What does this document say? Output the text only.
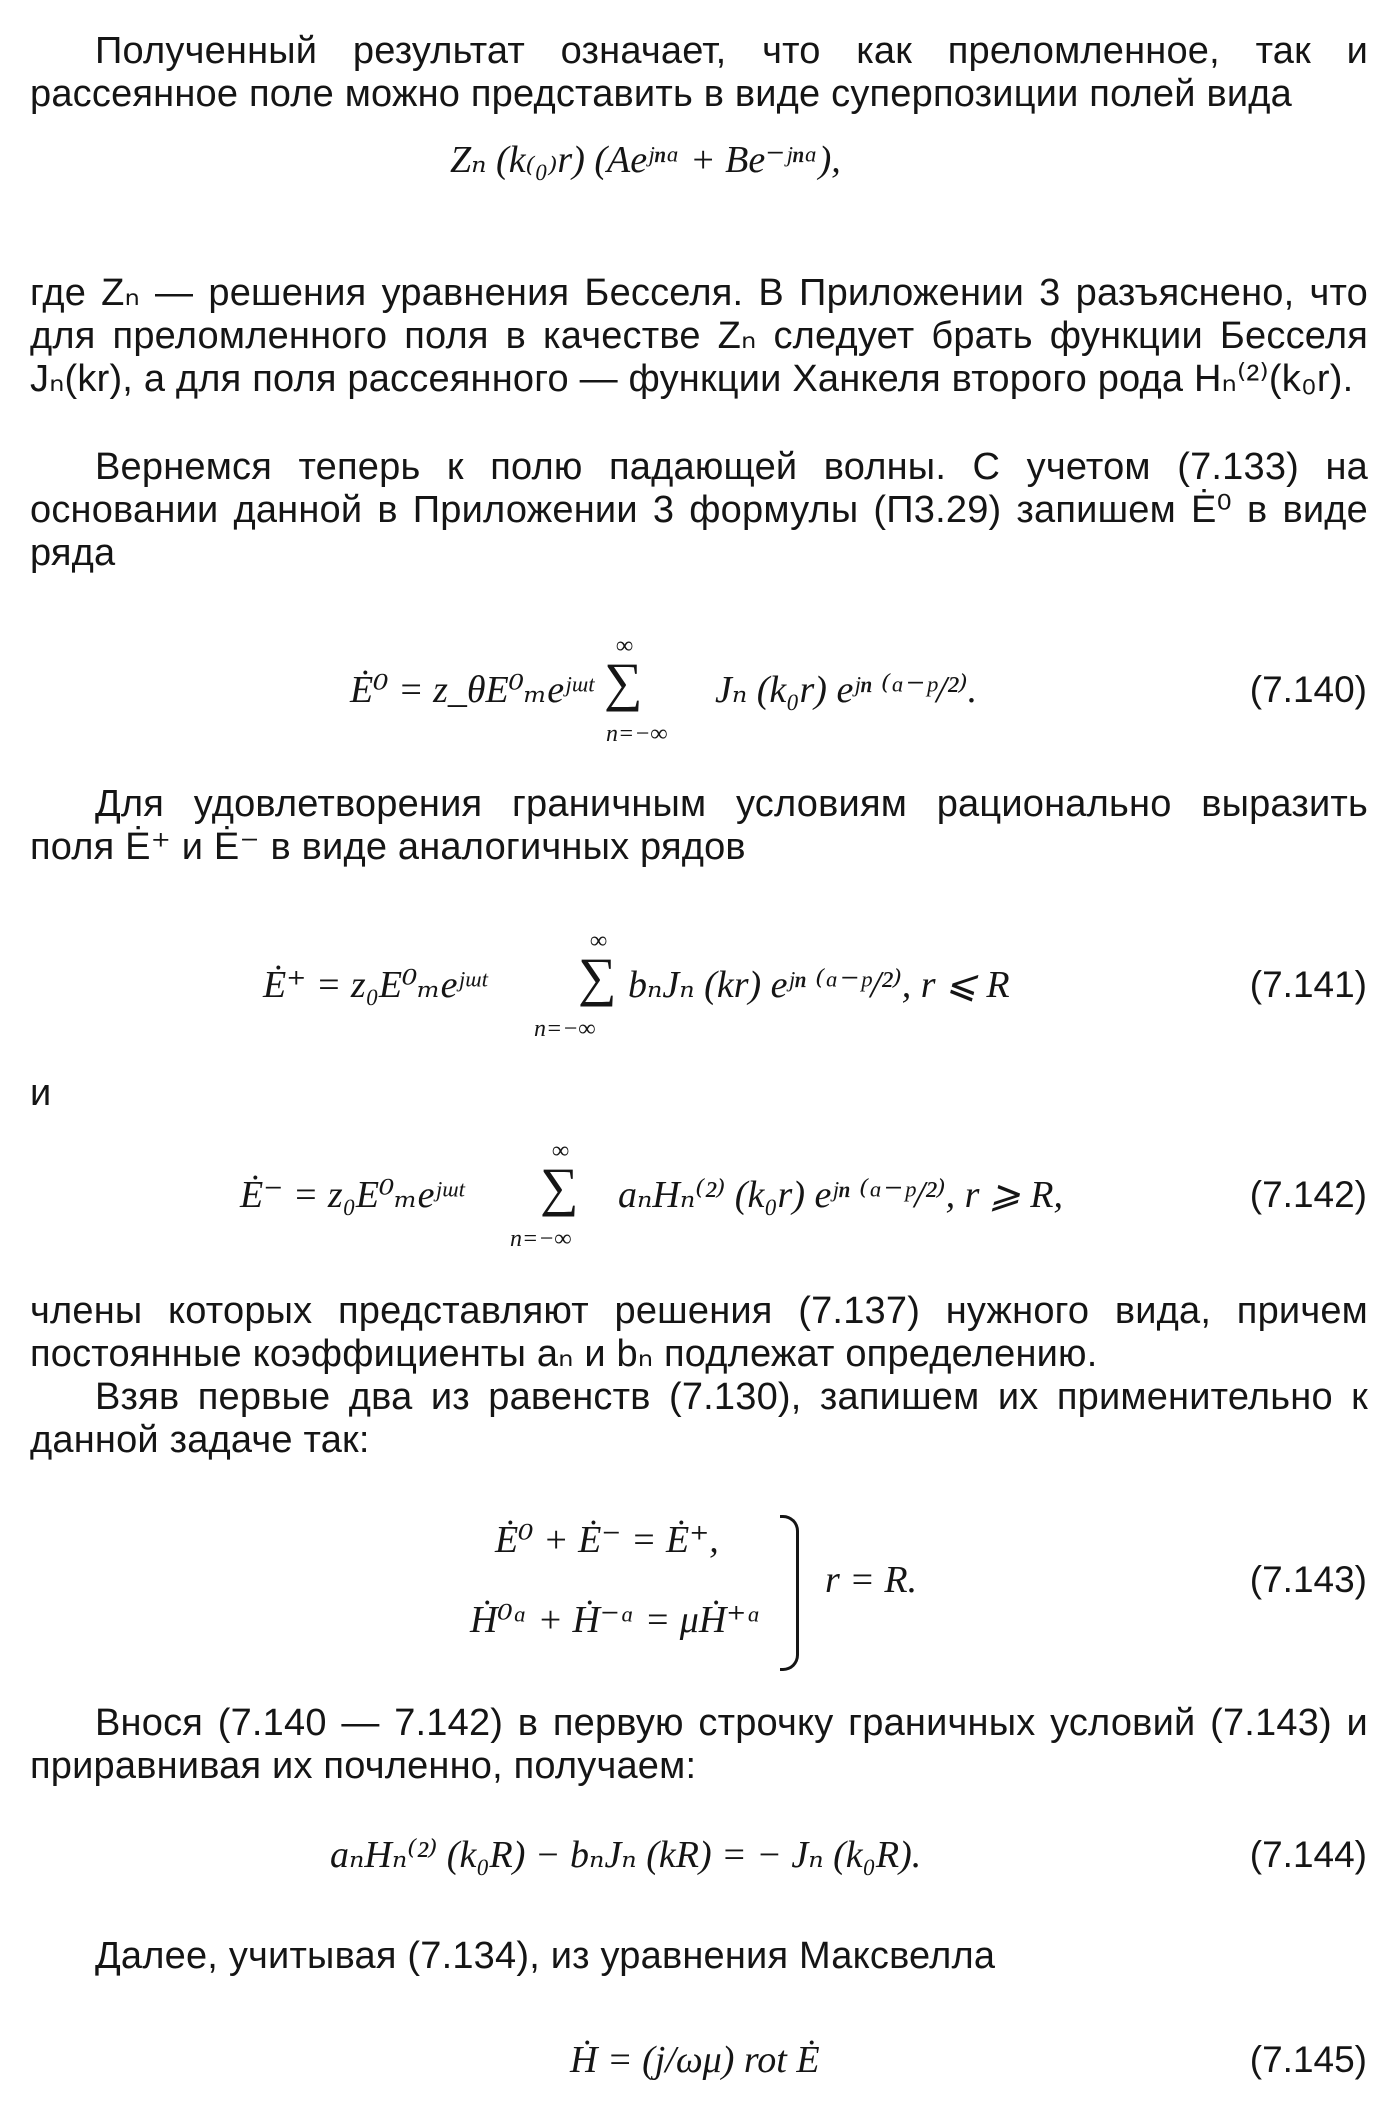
Полученный результат означает, что как преломленное, так и рассеянное поле можно представить в виде суперпозиции полей вида
Zₙ (k₍₀₎r) (Aeʲⁿᵅ + Be⁻ʲⁿᵅ),
где Zₙ — решения уравнения Бесселя. В Приложении 3 разъяснено, что для преломленного поля в качестве Zₙ следует брать функции Бесселя Jₙ(kr), а для поля рассеянного — функции Ханкеля второго рода Hₙ⁽²⁾(k₀r).
Вернемся теперь к полю падающей волны. С учетом (7.133) на основании данной в Приложении 3 формулы (П3.29) запишем Ė⁰ в виде ряда
Ė⁰ = z_θE⁰ₘeʲᵚᵗ ∑
∞
n=−∞
Jₙ (k₀r) eʲⁿ ⁽ᵅ⁻ᵖ/²⁾.	(7.140)
Для удовлетворения граничным условиям рационально выразить поля Ė⁺ и Ė⁻ в виде аналогичных рядов
Ė⁺ = z₀E⁰ₘeʲᵚᵗ ∑
∞
n=−∞
bₙJₙ (kr) eʲⁿ ⁽ᵅ⁻ᵖ/²⁾, r ⩽ R	(7.141)
и
Ė⁻ = z₀E⁰ₘeʲᵚᵗ ∑
∞
n=−∞
aₙHₙ⁽²⁾ (k₀r) eʲⁿ ⁽ᵅ⁻ᵖ/²⁾, r ⩾ R,	(7.142)
члены которых представляют решения (7.137) нужного вида, причем постоянные коэффициенты aₙ и bₙ подлежат определению.
Взяв первые два из равенств (7.130), запишем их применительно к данной задаче так:
Ė⁰ + Ė⁻ = Ė⁺,
Ḣ⁰ᵅ + Ḣ⁻ᵅ = μḢ⁺ᵅ
r = R.	(7.143)
Внося (7.140 — 7.142) в первую строчку граничных условий (7.143) и приравнивая их почленно, получаем:
aₙHₙ⁽²⁾ (k₀R) − bₙJₙ (kR) = − Jₙ (k₀R).	(7.144)
Далее, учитывая (7.134), из уравнения Максвелла
Ḣ = (j/ωμ) rot Ė	(7.145)
